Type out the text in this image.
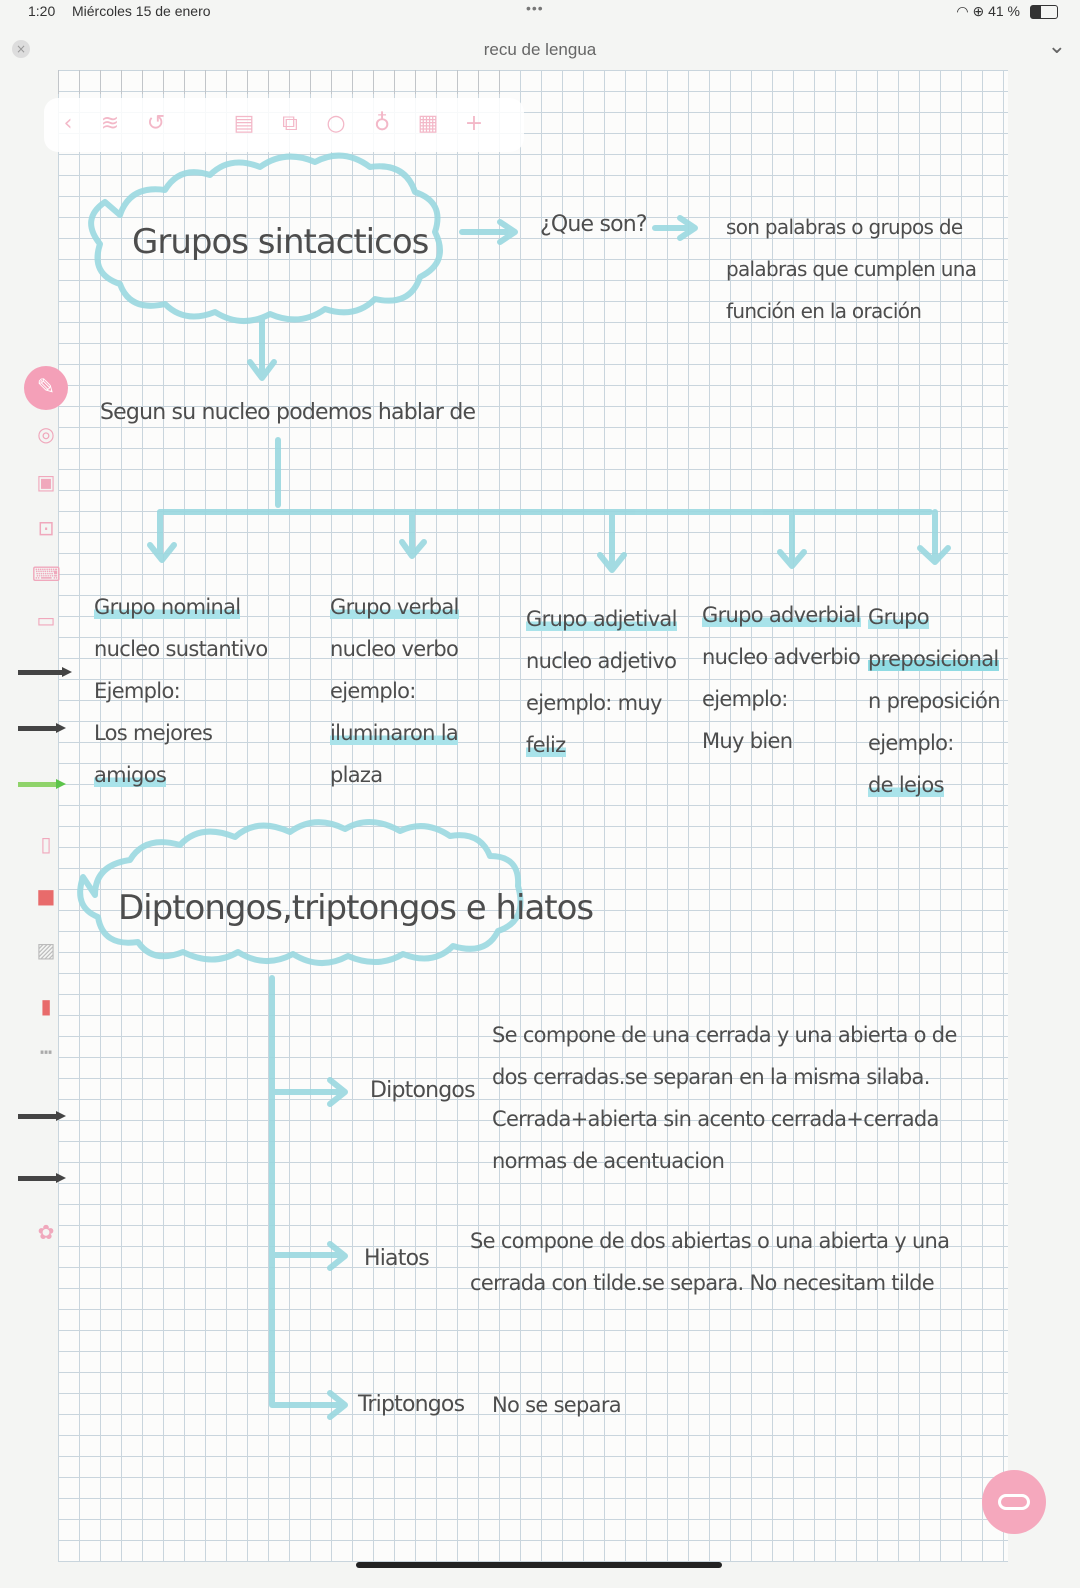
1:20 Miércoles 15 de enero	•••	◠ ⊕ 41 %
×	recu de lengua	⌄
‹	≋ ↺	▤ ⧉ ○ ♁ ▦ +
✎
◎
▣
⊡
⌨
▭
▯
■
▨
▮
┅
✿
Grupos sintacticos	¿Que son?	son palabras o grupos de
palabras que cumplen una
función en la oración
Segun su nucleo podemos hablar de
Grupo nominal
nucleo sustantivo
Ejemplo:
Los mejores
amigos
Grupo verbal
nucleo verbo
ejemplo:
iluminaron la
plaza
Grupo adjetival
nucleo adjetivo
ejemplo: muy
feliz
Grupo adverbial
nucleo adverbio
ejemplo:
Muy bien
Grupo
preposicional
n preposición
ejemplo:
de lejos
Diptongos,triptongos e hiatos
Diptongos
Se compone de una cerrada y una abierta o de
dos cerradas.se separan en la misma silaba.
Cerrada+abierta sin acento cerrada+cerrada
normas de acentuacion
Hiatos
Se compone de dos abiertas o una abierta y una
cerrada con tilde.se separa. No necesitam tilde
Triptongos No se separa
